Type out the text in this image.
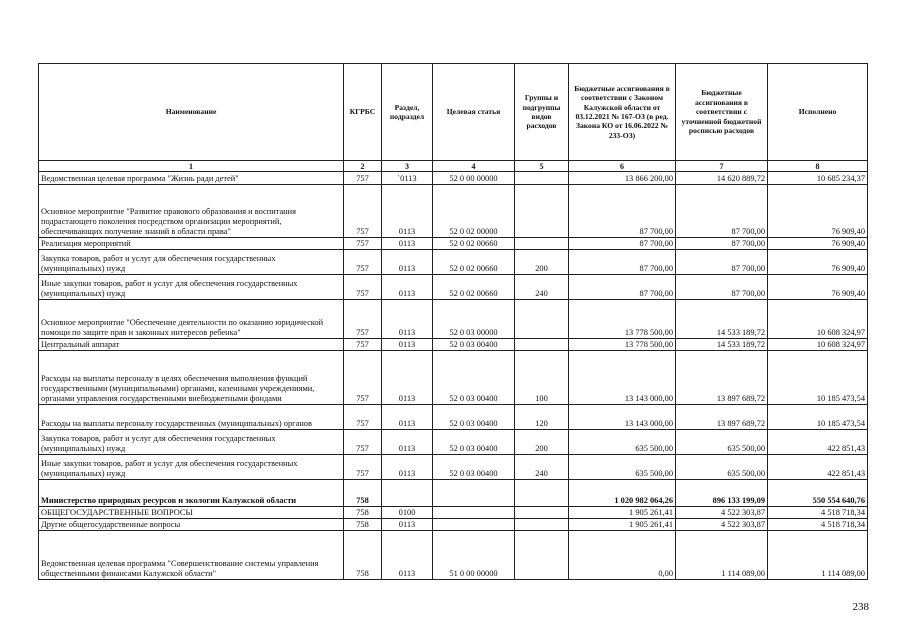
Наименование	КГРБС	Раздел, подраздел	Целевая статья	Группы и подгруппы видов расходов	Бюджетные ассигнования в соответствии с Законом Калужской области от 03.12.2021 № 167-ОЗ (в ред. Закона КО от 16.06.2022 № 233-ОЗ)	Бюджетные ассигнования в соответствии с уточненной бюджетной росписью расходов	Исполнено
1	2	3	4	5	6	7	8
Ведомственная целевая программа "Жизнь ради детей"	757	`0113	52 0 00 00000		13 866 200,00	14 620 889,72	10 685 234,37
Основное мероприятие "Развитие правового образования и воспитания подрастающего поколения посредством организации мероприятий, обеспечивающих получение знаний в области права"	757	0113	52 0 02 00000		87 700,00	87 700,00	76 909,40
Реализация мероприятий	757	0113	52 0 02 00660		87 700,00	87 700,00	76 909,40
Закупка товаров, работ и услуг для обеспечения государственных (муниципальных) нужд	757	0113	52 0 02 00660	200	87 700,00	87 700,00	76 909,40
Иные закупки товаров, работ и услуг для обеспечения государственных (муниципальных) нужд	757	0113	52 0 02 00660	240	87 700,00	87 700,00	76 909,40
Основное мероприятие "Обеспечение деятельности по оказанию юридической помощи по защите прав и законных интересов ребенка"	757	0113	52 0 03 00000		13 778 500,00	14 533 189,72	10 608 324,97
Центральный аппарат	757	0113	52 0 03 00400		13 778 500,00	14 533 189,72	10 608 324,97
Расходы на выплаты персоналу в целях обеспечения выполнения функций государственными (муниципальными) органами, казенными учреждениями, органами управления государственными внебюджетными фондами	757	0113	52 0 03 00400	100	13 143 000,00	13 897 689,72	10 185 473,54
Расходы на выплаты персоналу государственных (муниципальных) органов	757	0113	52 0 03 00400	120	13 143 000,00	13 897 689,72	10 185 473,54
Закупка товаров, работ и услуг для обеспечения государственных (муниципальных) нужд	757	0113	52 0 03 00400	200	635 500,00	635 500,00	422 851,43
Иные закупки товаров, работ и услуг для обеспечения государственных (муниципальных) нужд	757	0113	52 0 03 00400	240	635 500,00	635 500,00	422 851,43
Министерство природных ресурсов и экологии Калужской области	758				1 020 982 064,26	896 133 199,09	550 554 640,76
ОБЩЕГОСУДАРСТВЕННЫЕ ВОПРОСЫ	758	0100			1 905 261,41	4 522 303,87	4 518 718,34
Другие общегосударственные вопросы	758	0113			1 905 261,41	4 522 303,87	4 518 718,34
Ведомственная целевая программа "Совершенствование системы управления общественными финансами Калужской области"	758	0113	51 0 00 00000		0,00	1 114 089,00	1 114 089,00
238
